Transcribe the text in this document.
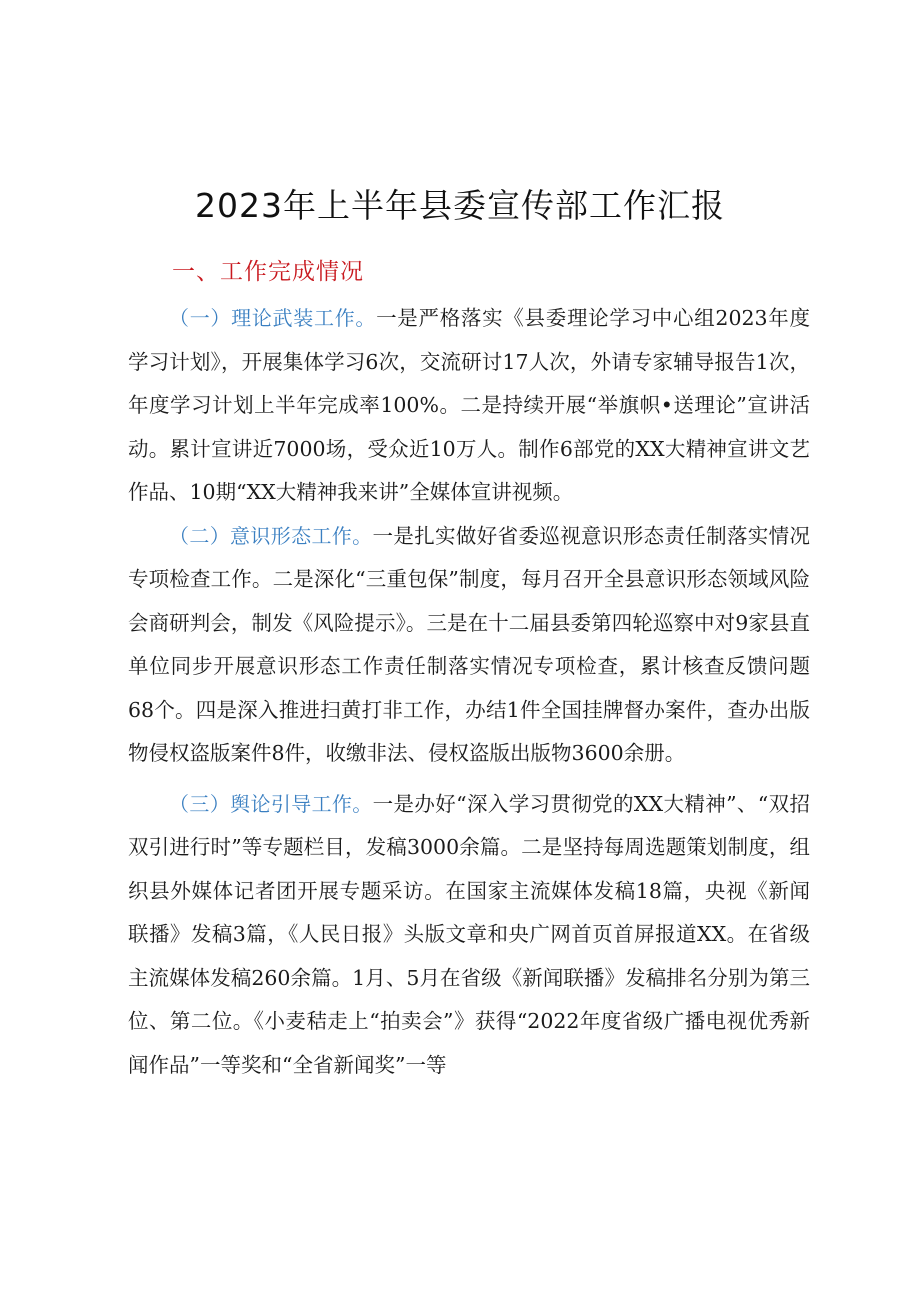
2023年上半年县委宣传部工作汇报
一、工作完成情况

（一）理论武装工作。一是严格落实《县委理论学习中心组2023年度学习计划》，开展集体学习6次，交流研讨17人次，外请专家辅导报告1次，年度学习计划上半年完成率100%。二是持续开展“举旗帜•送理论”宣讲活动。累计宣讲近7000场，受众近10万人。制作6部党的XX大精神宣讲文艺作品、10期“XX大精神我来讲”全媒体宣讲视频。

（二）意识形态工作。一是扎实做好省委巡视意识形态责任制落实情况专项检查工作。二是深化“三重包保”制度，每月召开全县意识形态领域风险会商研判会，制发《风险提示》。三是在十二届县委第四轮巡察中对9家县直单位同步开展意识形态工作责任制落实情况专项检查，累计核查反馈问题68个。四是深入推进扫黄打非工作，办结1件全国挂牌督办案件，查办出版物侵权盗版案件8件，收缴非法、侵权盗版出版物3600余册。

（三）舆论引导工作。一是办好“深入学习贯彻党的XX大精神”、“双招双引进行时”等专题栏目，发稿3000余篇。二是坚持每周选题策划制度，组织县外媒体记者团开展专题采访。在国家主流媒体发稿18篇，央视《新闻联播》发稿3篇，《人民日报》头版文章和央广网首页首屏报道XX。在省级主流媒体发稿260余篇。1月、5月在省级《新闻联播》发稿排名分别为第三位、第二位。《小麦秸走上“拍卖会”》获得“2022年度省级广播电视优秀新闻作品”一等奖和“全省新闻奖”一等
